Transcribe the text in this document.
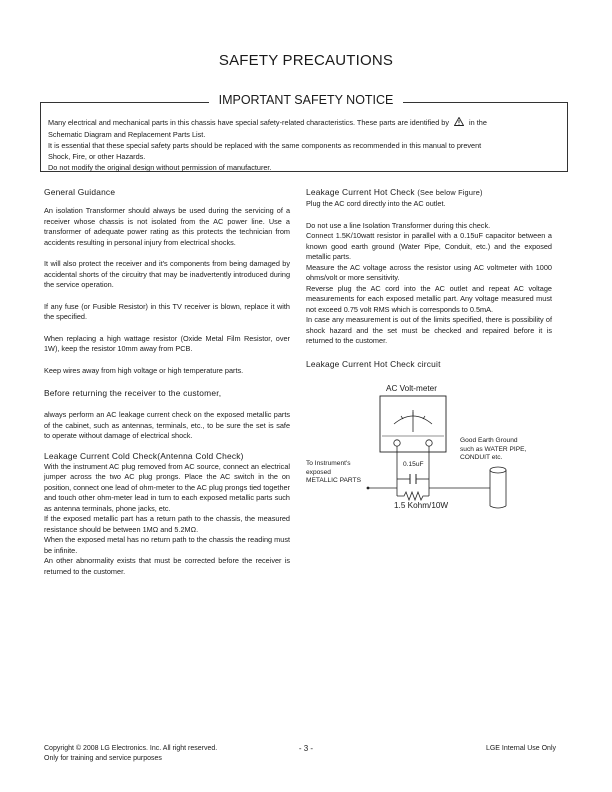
SAFETY PRECAUTIONS
IMPORTANT SAFETY NOTICE

Many electrical and mechanical parts in this chassis have special safety-related characteristics. These parts are identified by	in the

Schematic Diagram and Replacement Parts List.

It is essential that these special safety parts should be replaced with the same components as recommended in this manual to prevent

Shock, Fire, or other Hazards.

Do not modify the original design without permission of manufacturer.

General Guidance

An isolation Transformer should always be used during the servicing of a receiver whose chassis is not isolated from the AC power line. Use a transformer of adequate power rating as this protects the technician from accidents resulting in personal injury from electrical shocks.

It will also protect the receiver and it's components from being damaged by accidental shorts of the circuitry that may be inadvertently introduced during the service operation.

If any fuse (or Fusible Resistor) in this TV receiver is blown, replace it with the specified.

When replacing a high wattage resistor (Oxide Metal Film Resistor, over 1W), keep the resistor 10mm away from PCB.

Keep wires away from high voltage or high temperature parts.

Before returning the receiver to the customer,

always perform an AC leakage current check on the exposed metallic parts of the cabinet, such as antennas, terminals, etc., to be sure the set is safe to operate without damage of electrical shock.

Leakage Current Cold Check(Antenna Cold Check)

With the instrument AC plug removed from AC source, connect an electrical jumper across the two AC plug prongs. Place the AC switch in the on position, connect one lead of ohm-meter to the AC plug prongs tied together and touch other ohm-meter lead in turn to each exposed metallic parts such as antenna terminals, phone jacks, etc.

If the exposed metallic part has a return path to the chassis, the measured resistance should be between 1MΩ and 5.2MΩ.

When the exposed metal has no return path to the chassis the reading must be infinite.

An other abnormality exists that must be corrected before the receiver is returned to the customer.

Leakage Current Hot Check (See below Figure)

Plug the AC cord directly into the AC outlet.

Do not use a line Isolation Transformer during this check.

Connect 1.5K/10watt resistor in parallel with a 0.15uF capacitor between a known good earth ground (Water Pipe, Conduit, etc.) and the exposed metallic parts.

Measure the AC voltage across the resistor using AC voltmeter with 1000 ohms/volt or more sensitivity.

Reverse plug the AC cord into the AC outlet and repeat AC voltage measurements for each exposed metallic part. Any voltage measured must not exceed 0.75 volt RMS which is corresponds to 0.5mA.

In case any measurement is out of the limits specified, there is possibility of shock hazard and the set must be checked and repaired before it is returned to the customer.

Leakage Current Hot Check circuit
AC Volt-meter
0.15uF
1.5 Kohm/10W
To Instrument's
exposed
METALLIC PARTS
Good Earth Ground
such as WATER PIPE,
CONDUIT etc.
Copyright © 2008 LG Electronics. Inc. All right reserved.
Only for training and service purposes
- 3 -	LGE Internal Use Only
